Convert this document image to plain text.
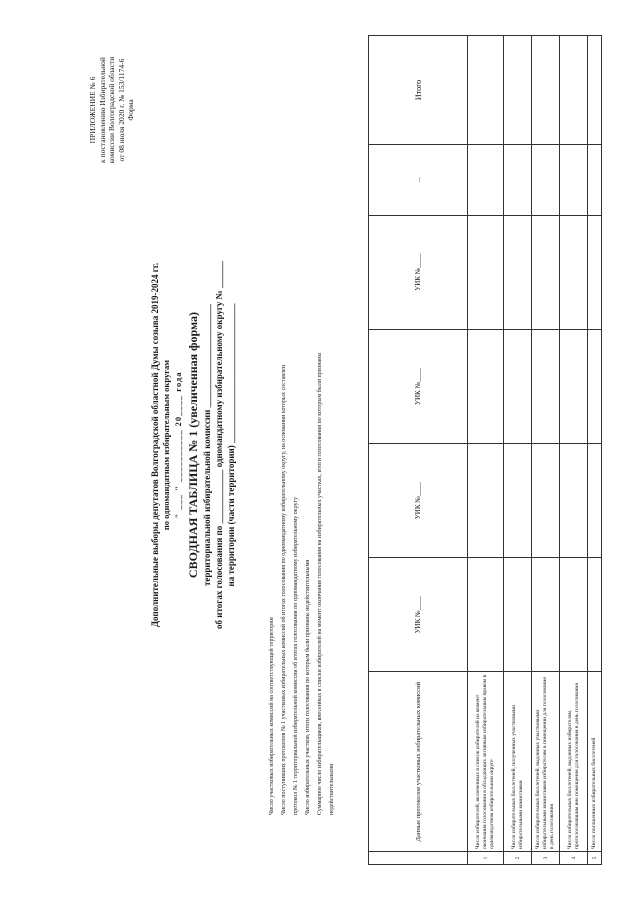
ПРИЛОЖЕНИЕ № 6 к постановлению Избирательной комиссии Волгоградской области от 08 июля 2020 г. № 153/1174-6 Форма
Дополнительные выборы депутатов Волгоградской областной Думы созыва 2019-2024 гг. по одномандатным избирательным округам " ___ " __________ 20____ года СВОДНАЯ ТАБЛИЦА № 1 (увеличенная форма) территориальной избирательной комиссии _______________________ об итогах голосования по ____________ одномандатному избирательному округу № ______ на территории (части территории) _______________________________
Число участковых избирательных комиссий на соответствующей территории	Число поступивших протоколов № 1 участковых избирательных комиссий об итогах голосования по одномандатному избирательному округу, на основании которых составлен	протокол № 1 территориальной избирательной комиссии об итогах голосования по одномандатному избирательному округу	Число избирательных участков, итоги голосования по которым были признаны недействительными	Суммарное число избирательщиков, внесенных в списки избирателей на момент окончания голосования на избирательных участках, итоги голосования по которым были признаны	недействительными
		Данные протоколов участковых избирательных комиссий	УИК №____	УИК №____	УИК №____	УИК №____	...	Итого
1	Число избирателей, включенных в список избирателей на момент окончания голосования в обладающих активным избирательным правом в одномандатном избирательном округе						
2	Число избирательных бюллетеней, полученных участковыми избирательными комиссиями						
3	Число избирательных бюллетеней, выданных участковыми избирательными комиссиями избирателям в помещении для голосования в день голосования						
4	Число избирательных бюллетеней, выданных избирателям, проголосовавшим вне помещения для голосования в день голосования						
5	Число погашенных избирательных бюллетеней						
